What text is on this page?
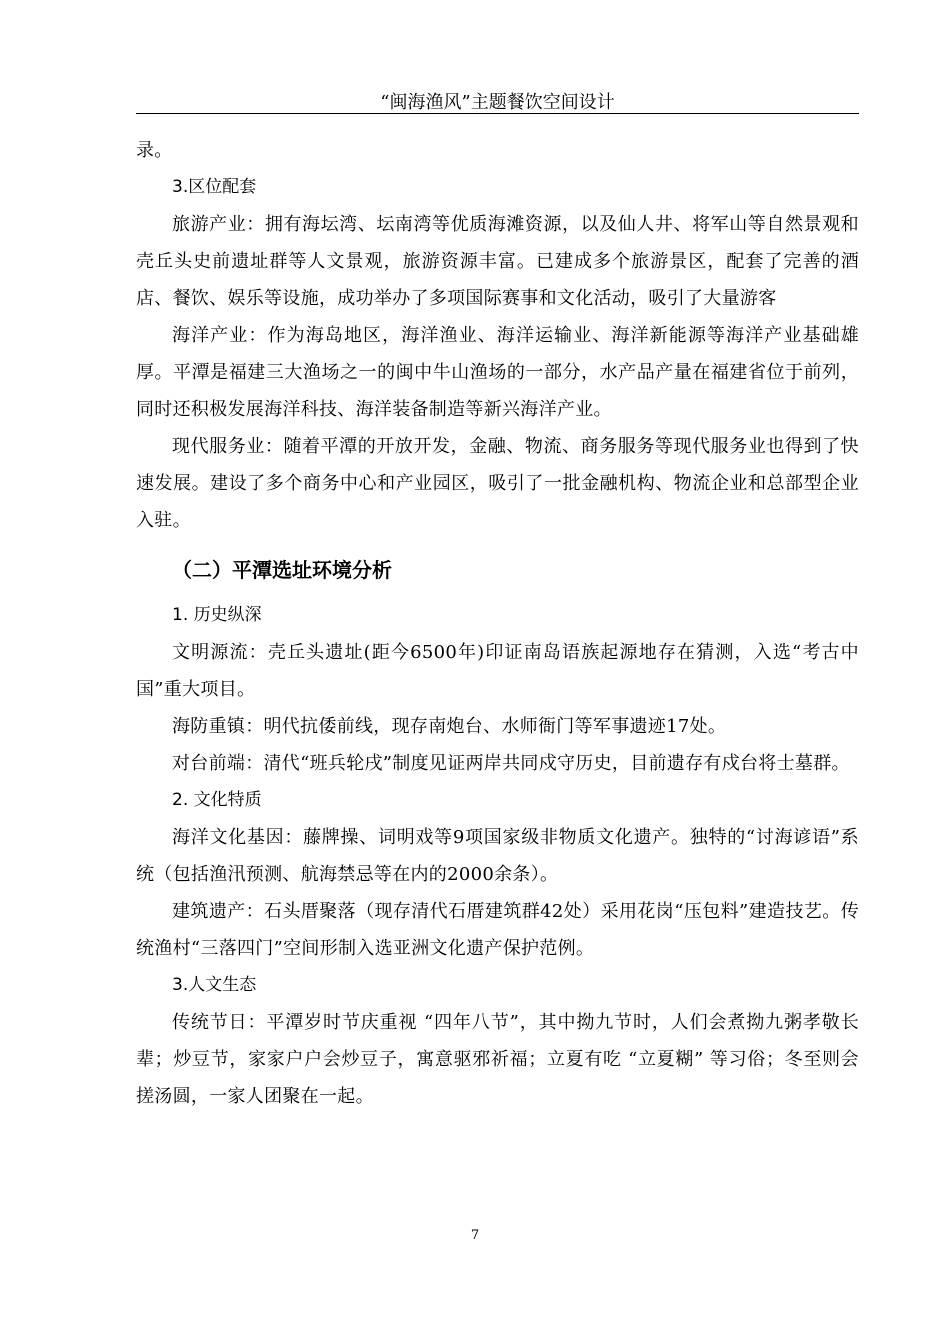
“闽海渔风”主题餐饮空间设计

录。

3.区位配套

旅游产业：拥有海坛湾、坛南湾等优质海滩资源，以及仙人井、将军山等自然景观和壳丘头史前遗址群等人文景观，旅游资源丰富。已建成多个旅游景区，配套了完善的酒店、餐饮、娱乐等设施，成功举办了多项国际赛事和文化活动，吸引了大量游客

海洋产业：作为海岛地区，海洋渔业、海洋运输业、海洋新能源等海洋产业基础雄厚。平潭是福建三大渔场之一的闽中牛山渔场的一部分，水产品产量在福建省位于前列，同时还积极发展海洋科技、海洋装备制造等新兴海洋产业。

现代服务业：随着平潭的开放开发，金融、物流、商务服务等现代服务业也得到了快速发展。建设了多个商务中心和产业园区，吸引了一批金融机构、物流企业和总部型企业入驻。

（二）平潭选址环境分析

1. 历史纵深

文明源流：壳丘头遗址(距今6500年)印证南岛语族起源地存在猜测，入选“考古中国”重大项目。

海防重镇：明代抗倭前线，现存南炮台、水师衙门等军事遗迹17处。

对台前端：清代“班兵轮戌”制度见证两岸共同戍守历史，目前遗存有戍台将士墓群。

2. 文化特质

海洋文化基因：藤牌操、词明戏等9项国家级非物质文化遗产。独特的“讨海谚语”系统（包括渔汛预测、航海禁忌等在内的2000余条）。

建筑遗产：石头厝聚落（现存清代石厝建筑群42处）采用花岗“压包料”建造技艺。传统渔村“三落四门”空间形制入选亚洲文化遗产保护范例。

3.人文生态

传统节日：平潭岁时节庆重视 “四年八节”，其中拗九节时，人们会煮拗九粥孝敬长辈；炒豆节，家家户户会炒豆子，寓意驱邪祈福；立夏有吃 “立夏糊” 等习俗；冬至则会搓汤圆，一家人团聚在一起。

7
